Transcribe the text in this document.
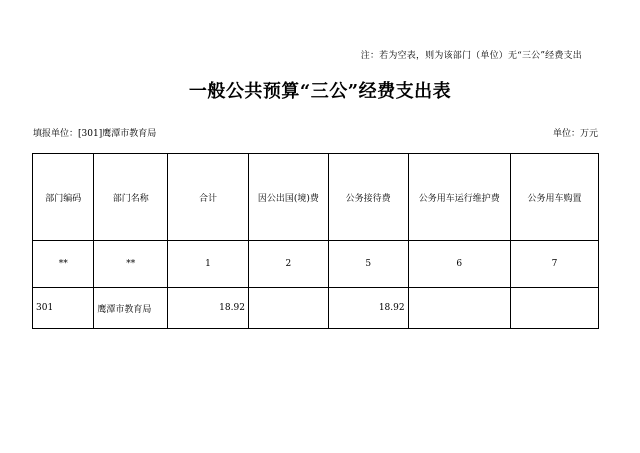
注：若为空表，则为该部门（单位）无“三公”经费支出
一般公共预算“三公”经费支出表
填报单位：[301]鹰潭市教育局	单位：万元
部门编码	部门名称	合计	因公出国(境)费	公务接待费	公务用车运行维护费	公务用车购置
**	**	1	2	5	6	7
301	鹰潭市教育局	18.92		18.92		
